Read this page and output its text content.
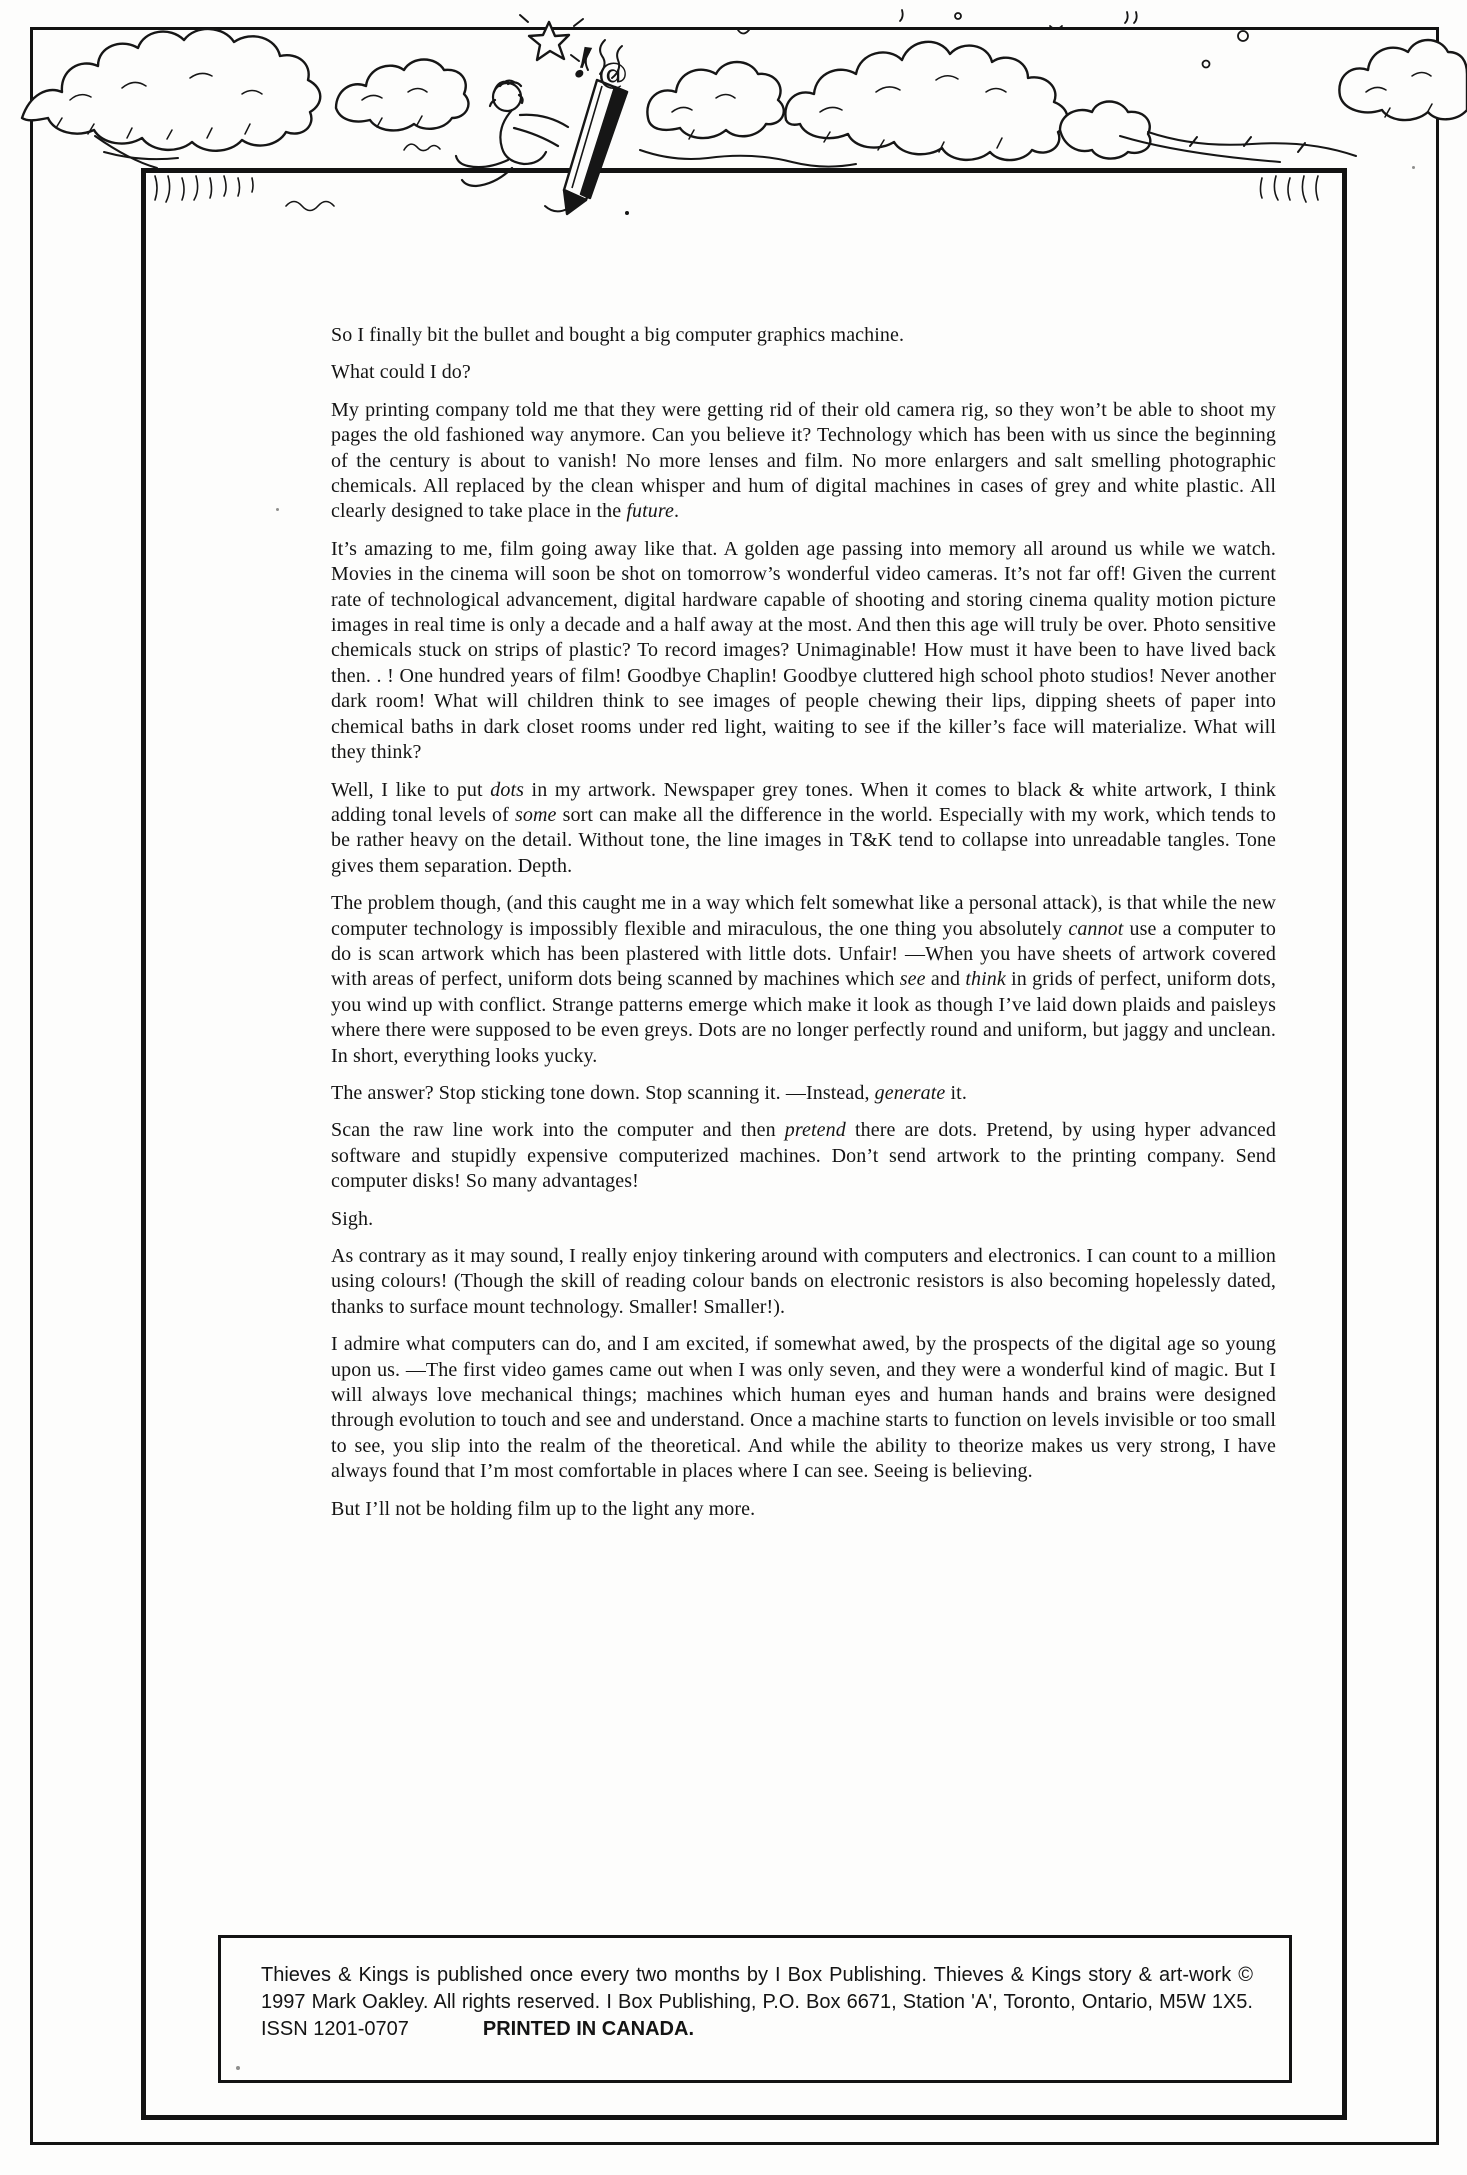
So I finally bit the bullet and bought a big computer graphics machine.

What could I do?

My printing company told me that they were getting rid of their old camera rig, so they won’t be able to shoot my pages the old fashioned way anymore. Can you believe it? Technology which has been with us since the beginning of the century is about to vanish! No more lenses and film. No more enlargers and salt smelling photographic chemicals. All replaced by the clean whisper and hum of digital machines in cases of grey and white plastic. All clearly designed to take place in the future.

It’s amazing to me, film going away like that. A golden age passing into memory all around us while we watch. Movies in the cinema will soon be shot on tomorrow’s wonderful video cameras. It’s not far off! Given the current rate of technological advancement, digital hardware capable of shooting and storing cinema quality motion picture images in real time is only a decade and a half away at the most. And then this age will truly be over. Photo sensitive chemicals stuck on strips of plastic? To record images? Unimaginable! How must it have been to have lived back then. . ! One hundred years of film! Goodbye Chaplin! Goodbye cluttered high school photo studios! Never another dark room! What will children think to see images of people chewing their lips, dipping sheets of paper into chemical baths in dark closet rooms under red light, waiting to see if the killer’s face will materialize. What will they think?

Well, I like to put dots in my artwork. Newspaper grey tones. When it comes to black & white artwork, I think adding tonal levels of some sort can make all the difference in the world. Especially with my work, which tends to be rather heavy on the detail. Without tone, the line images in T&K tend to collapse into unreadable tangles. Tone gives them separation. Depth.

The problem though, (and this caught me in a way which felt somewhat like a personal attack), is that while the new computer technology is impossibly flexible and miraculous, the one thing you absolutely cannot use a computer to do is scan artwork which has been plastered with little dots. Unfair! —When you have sheets of artwork covered with areas of perfect, uniform dots being scanned by machines which see and think in grids of perfect, uniform dots, you wind up with conflict. Strange patterns emerge which make it look as though I’ve laid down plaids and paisleys where there were supposed to be even greys. Dots are no longer perfectly round and uniform, but jaggy and unclean. In short, everything looks yucky.

The answer? Stop sticking tone down. Stop scanning it. —Instead, generate it.

Scan the raw line work into the computer and then pretend there are dots. Pretend, by using hyper advanced software and stupidly expensive computerized machines. Don’t send artwork to the printing company. Send computer disks! So many advantages!

Sigh.

As contrary as it may sound, I really enjoy tinkering around with computers and electronics. I can count to a million using colours! (Though the skill of reading colour bands on electronic resistors is also becoming hopelessly dated, thanks to surface mount technology. Smaller! Smaller!).

I admire what computers can do, and I am excited, if somewhat awed, by the prospects of the digital age so young upon us. —The first video games came out when I was only seven, and they were a wonderful kind of magic. But I will always love mechanical things; machines which human eyes and human hands and brains were designed through evolution to touch and see and understand. Once a machine starts to function on levels invisible or too small to see, you slip into the realm of the theoretical. And while the ability to theorize makes us very strong, I have always found that I’m most comfortable in places where I can see. Seeing is believing.

But I’ll not be holding film up to the light any more.

Thieves & Kings is published once every two months by I Box Publishing. Thieves & Kings story & art-work © 1997 Mark Oakley. All rights reserved. I Box Publishing, P.O. Box 6671, Station 'A', Toronto, Ontario, M5W 1X5. ISSN 1201-0707	PRINTED IN CANADA.

! @
